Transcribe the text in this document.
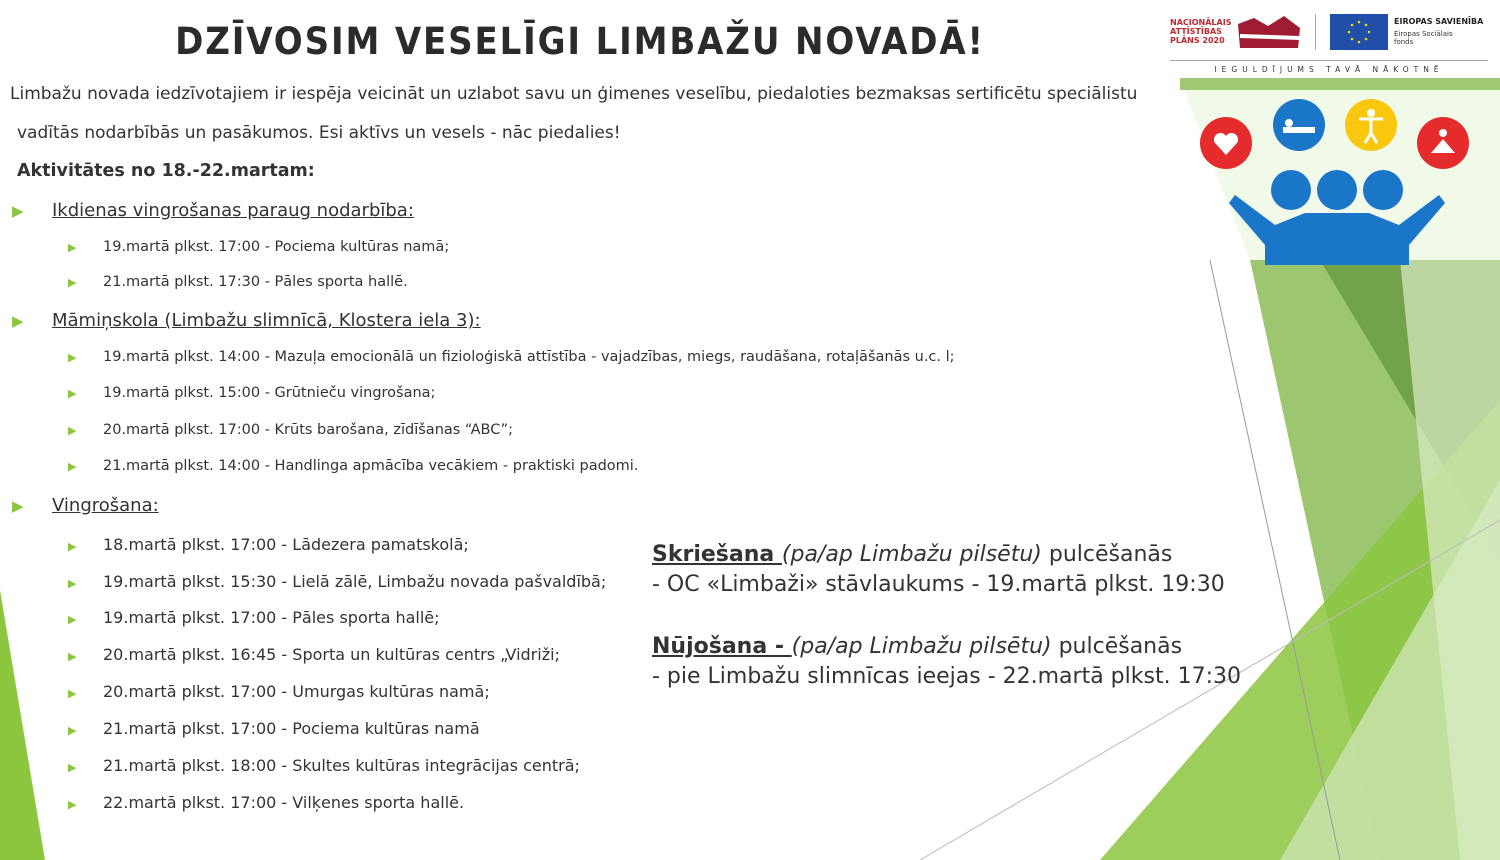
NACIONĀLAIS ATTĪSTĪBAS PLĀNS 2020
EIROPAS SAVIENĪBA
Eiropas Sociālais fonds
IEGULDĪJUMS TAVĀ NĀKOTNĒ
DZĪVOSIM VESELĪGI LIMBAŽU NOVADĀ!
Limbažu novada iedzīvotajiem ir iespēja veicināt un uzlabot savu un ģimenes veselību, piedaloties bezmaksas sertificētu speciālistu
vadītās nodarbībās un pasākumos. Esi aktīvs un vesels - nāc piedalies!
Aktivitātes no 18.-22.martam:
▶ Ikdienas vingrošanas paraug nodarbība:
▶ 19.martā plkst. 17:00 - Pociema kultūras namā;
▶ 21.martā plkst. 17:30 - Pāles sporta hallē.
▶ Māmiņskola (Limbažu slimnīcā, Klostera iela 3):
▶ 19.martā plkst. 14:00 - Mazuļa emocionālā un fizioloģiskā attīstība - vajadzības, miegs, raudāšana, rotaļāšanās u.c. l;
▶ 19.martā plkst. 15:00 - Grūtnieču vingrošana;
▶ 20.martā plkst. 17:00 - Krūts barošana, zīdīšanas “ABC”;
▶ 21.martā plkst. 14:00 - Handlinga apmācība vecākiem - praktiski padomi.
▶ Vingrošana:
▶ 18.martā plkst. 17:00 - Lādezera pamatskolā;
▶ 19.martā plkst. 15:30 - Lielā zālē, Limbažu novada pašvaldībā;
▶ 19.martā plkst. 17:00 - Pāles sporta hallē;
▶ 20.martā plkst. 16:45 - Sporta un kultūras centrs „Vidriži;
▶ 20.martā plkst. 17:00 - Umurgas kultūras namā;
▶ 21.martā plkst. 17:00 - Pociema kultūras namā
▶ 21.martā plkst. 18:00 - Skultes kultūras integrācijas centrā;
▶ 22.martā plkst. 17:00 - Vilķenes sporta hallē.
Skriešana (pa/ap Limbažu pilsētu) pulcēšanās
- OC «Limbaži» stāvlaukums - 19.martā plkst. 19:30
Nūjošana - (pa/ap Limbažu pilsētu) pulcēšanās
- pie Limbažu slimnīcas ieejas - 22.martā plkst. 17:30
